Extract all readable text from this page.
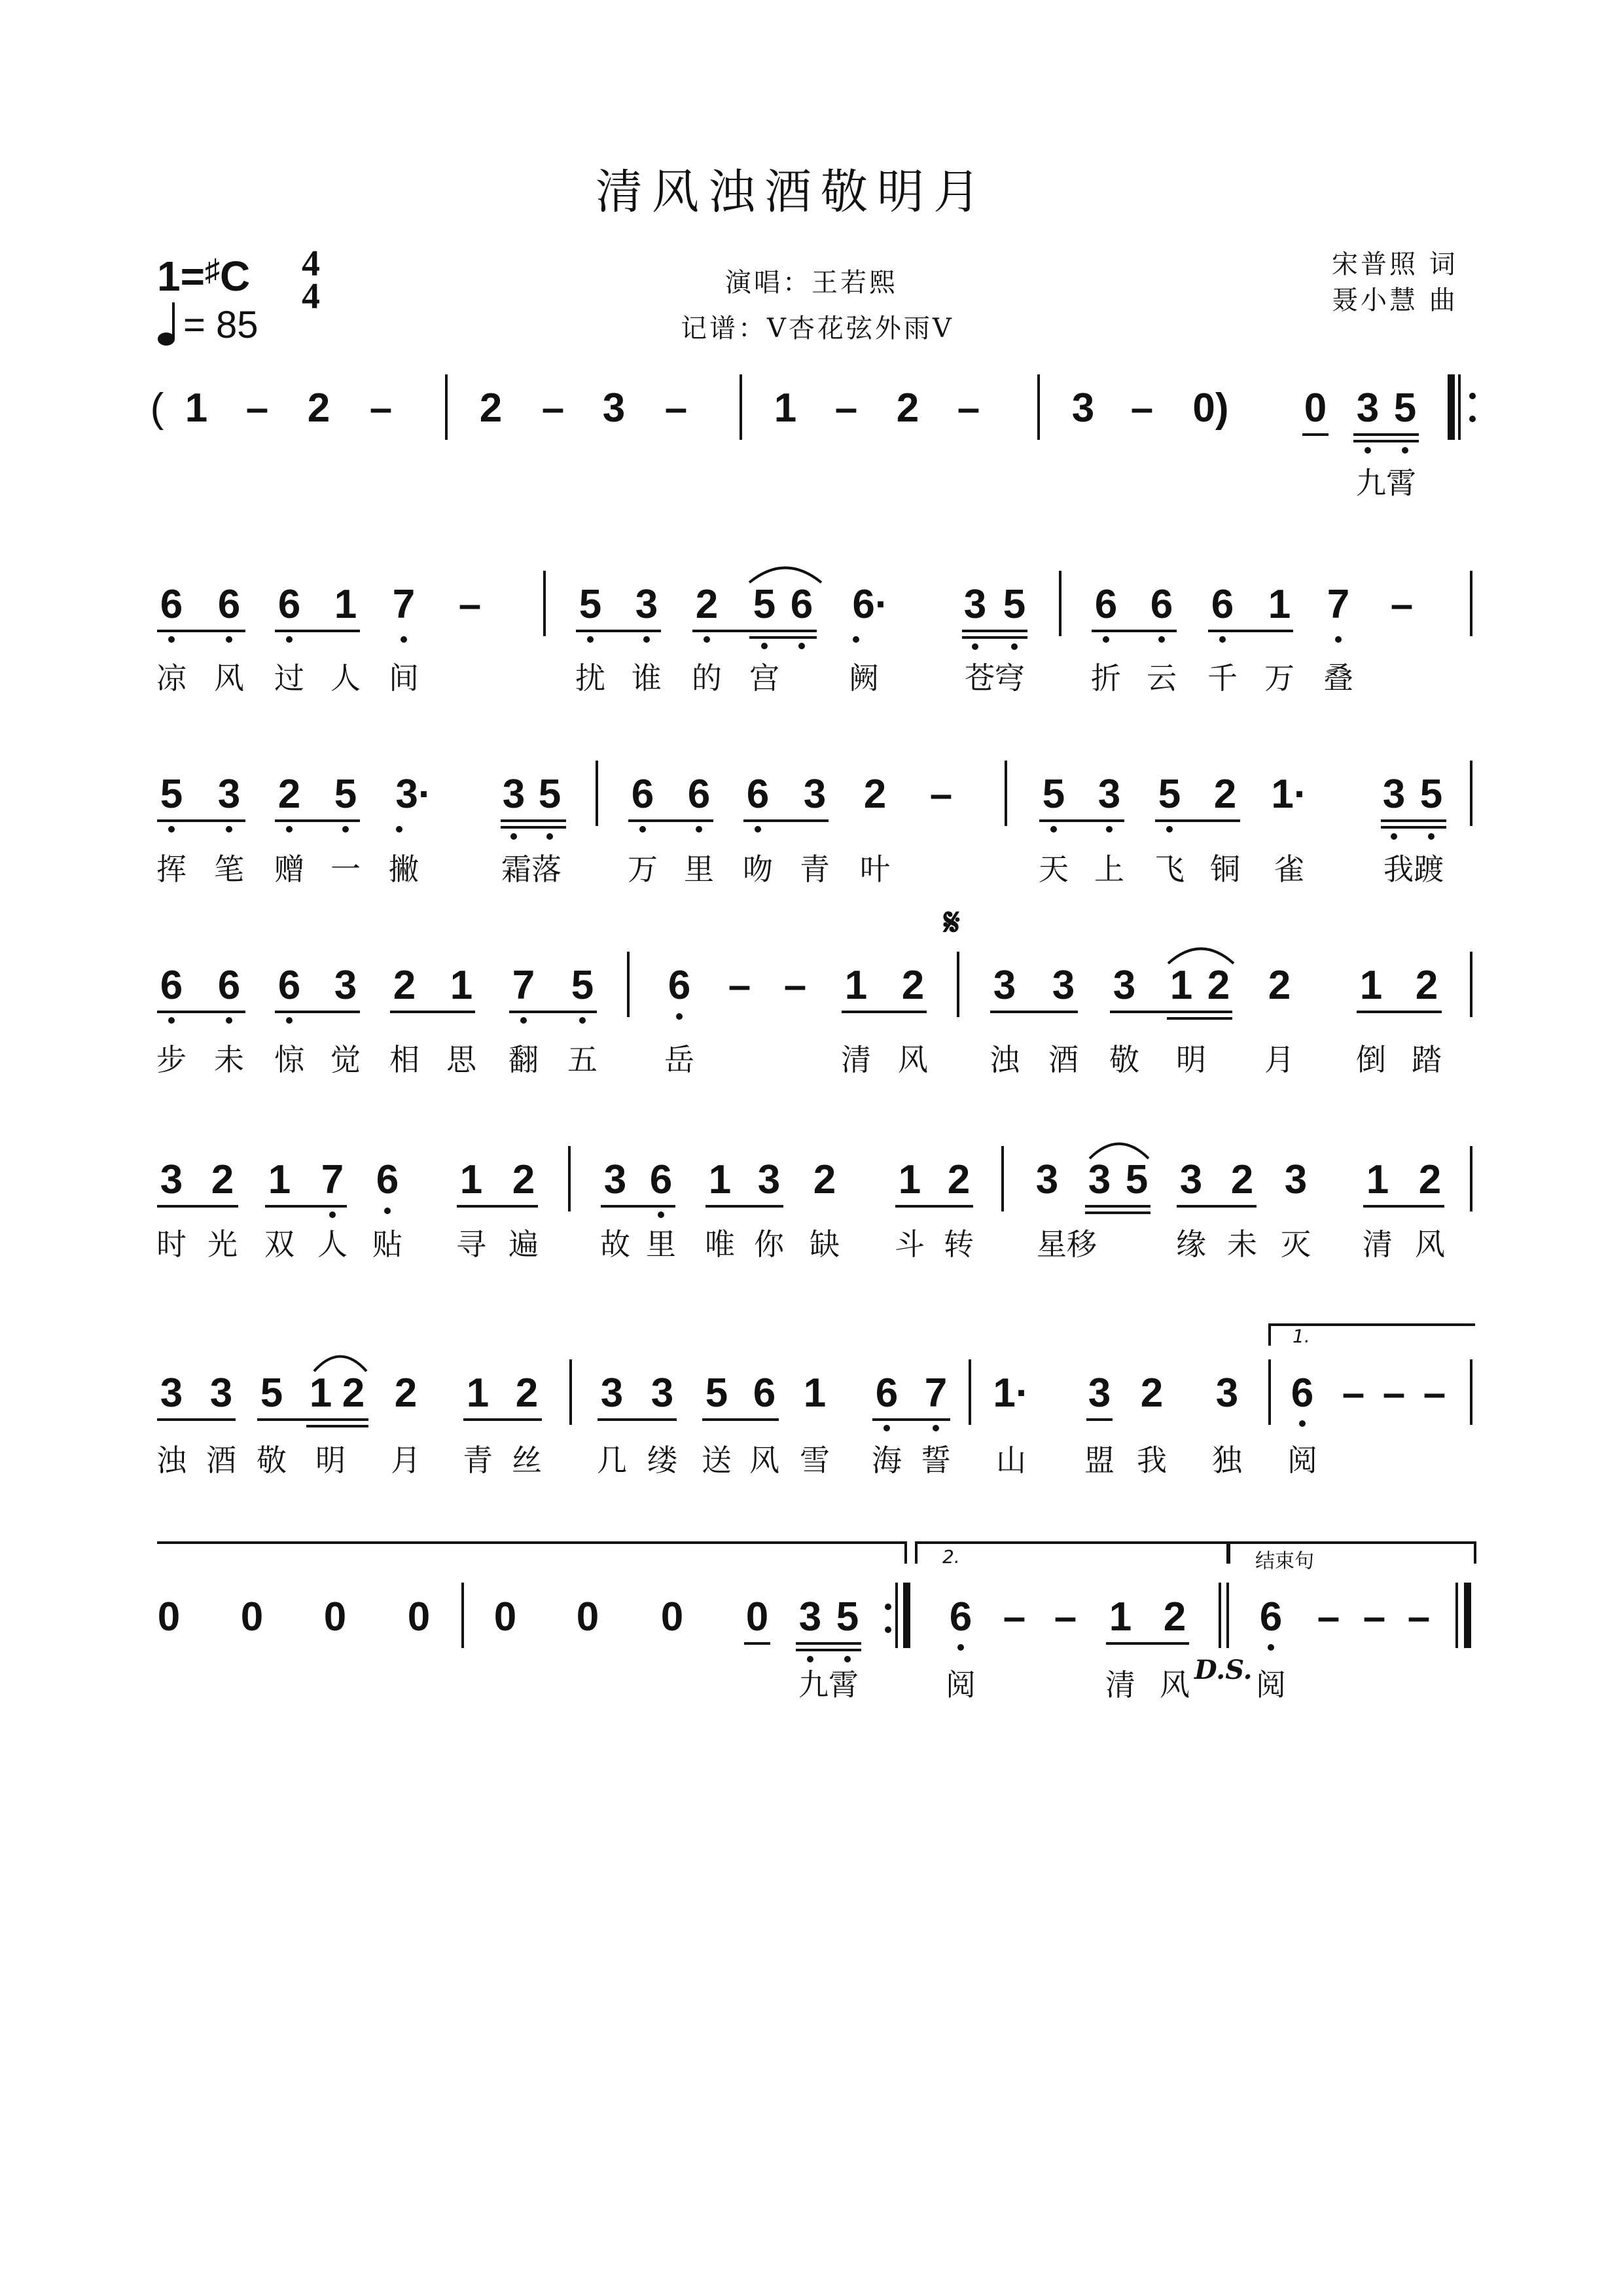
清风浊酒敬明月
1=♯C 4
4
= 85
演唱：王若熙
记谱：V杏花弦外雨V
宋普照 词
聂小慧 曲
( 1 – 2 – 2 – 3 – 1 – 2 – 3 – 0) 0 3 5
九霄
6 6 6 1 7 – 5 3 2 5 6 6· 3 5 6 6 6 1 7 –
凉 风 过 人 间	扰 谁 的 宫 阙	苍穹 折 云 千 万 叠
5 3 2 5 3· 3 5 6 6 6 3 2 – 5 3 5 2 1· 3 5
挥 笔 赠 一 撇	霜落 万 里 吻 青 叶	天 上 飞 铜 雀	我踱
𝄋
6 6 6 3 2 1 7 5 6 – – 1 2 3 3 3 1 2 2 1 2
步 未 惊 觉 相 思 翻 五 岳	清 风 浊 酒 敬 明 月 倒 踏
3 2 1 7 6 1 2 3 6 1 3 2 1 2 3 3 5 3 2 3 1 2
时 光 双 人 贴 寻 遍 故 里 唯 你 缺 斗 转 星移	缘 未 灭 清 风
3 3 5 1 2 2 1 2 3 3 5 6 1 6 7 1· 3 2 3
1.
6 – – –
浊 酒 敬 明 月 青 丝 几 缕 送 风 雪 海 誓 山 盟 我 独 阅
2.	结束句
0 0 0 0 0 0 0 0 3 5 6 – – 1 2 6 – – –
D.S.
九霄	阅	清 风 阅
